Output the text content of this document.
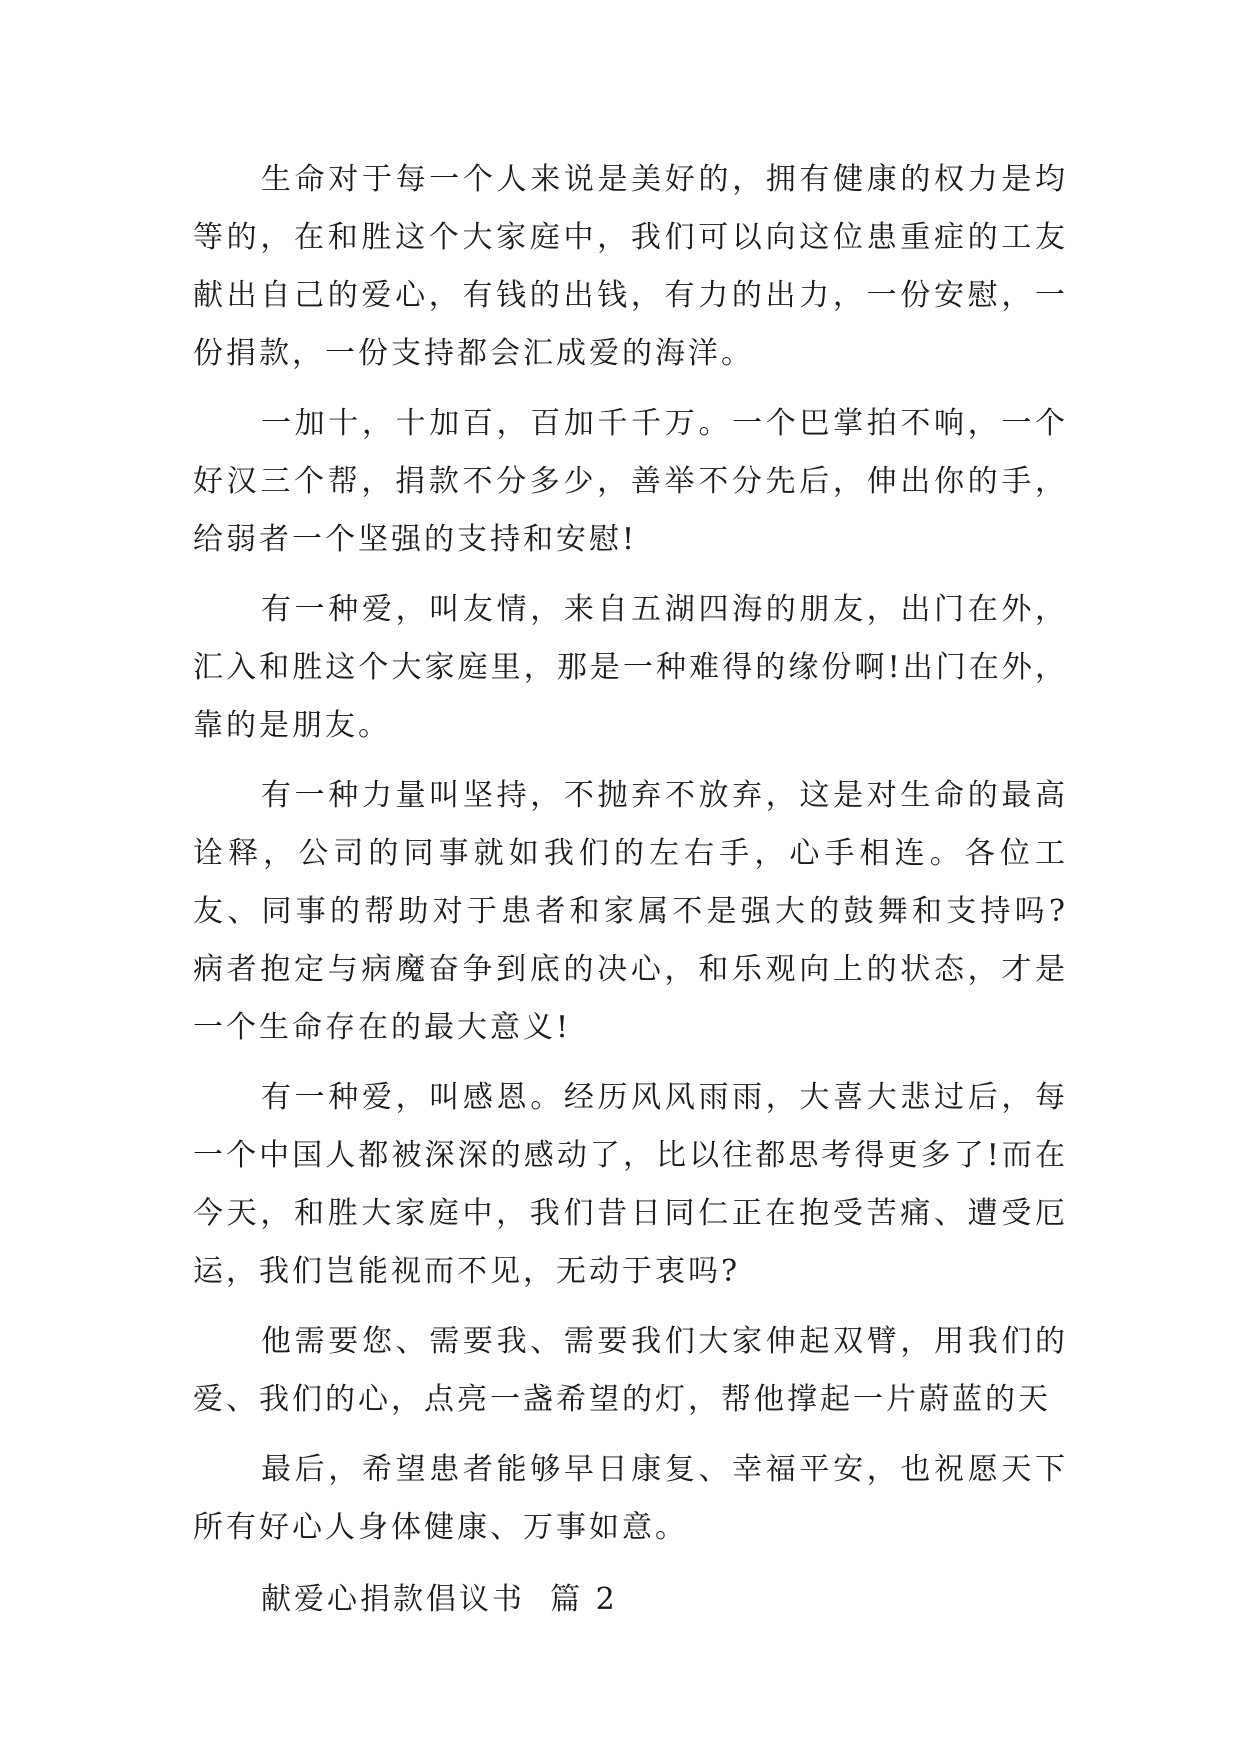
生命对于每一个人来说是美好的，拥有健康的权力是均等的，在和胜这个大家庭中，我们可以向这位患重症的工友献出自己的爱心，有钱的出钱，有力的出力，一份安慰，一份捐款，一份支持都会汇成爱的海洋。

一加十，十加百，百加千千万。一个巴掌拍不响，一个好汉三个帮，捐款不分多少，善举不分先后，伸出你的手，给弱者一个坚强的支持和安慰!

有一种爱，叫友情，来自五湖四海的朋友，出门在外，汇入和胜这个大家庭里，那是一种难得的缘份啊!出门在外，靠的是朋友。

有一种力量叫坚持，不抛弃不放弃，这是对生命的最高诠释，公司的同事就如我们的左右手，心手相连。各位工友、同事的帮助对于患者和家属不是强大的鼓舞和支持吗?病者抱定与病魔奋争到底的决心，和乐观向上的状态，才是一个生命存在的最大意义!

有一种爱，叫感恩。经历风风雨雨，大喜大悲过后，每一个中国人都被深深的感动了，比以往都思考得更多了!而在今天，和胜大家庭中，我们昔日同仁正在抱受苦痛、遭受厄运，我们岂能视而不见，无动于衷吗?

他需要您、需要我、需要我们大家伸起双臂，用我们的爱、我们的心，点亮一盏希望的灯，帮他撑起一片蔚蓝的天

最后，希望患者能够早日康复、幸福平安，也祝愿天下所有好心人身体健康、万事如意。

献爱心捐款倡议书  篇 2
